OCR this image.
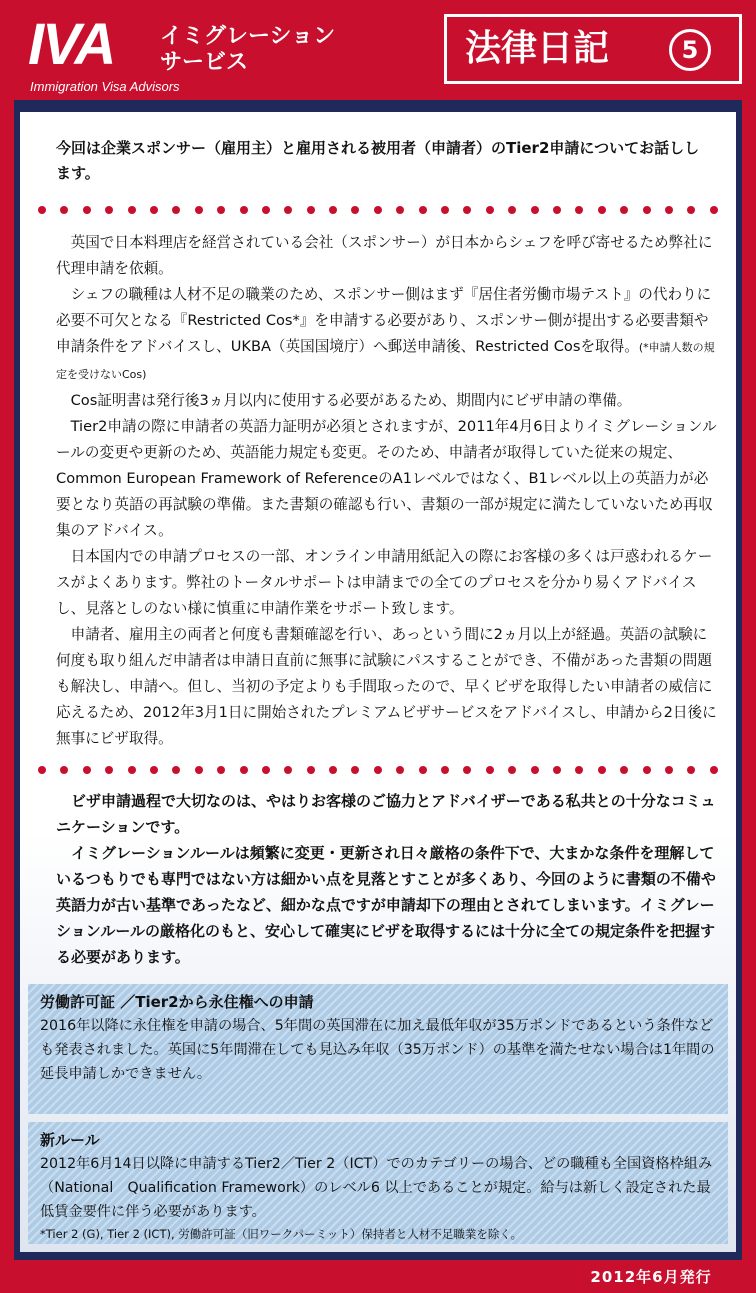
IVA イミグレーション
サービス
Immigration Visa Advisors
法律日記	5
今回は企業スポンサー（雇用主）と雇用される被用者（申請者）のTier2申請についてお話しします。

英国で日本料理店を経営されている会社（スポンサー）が日本からシェフを呼び寄せるため弊社に代理申請を依頼。

シェフの職種は人材不足の職業のため、スポンサー側はまず『居住者労働市場テスト』の代わりに必要不可欠となる『Restricted Cos*』を申請する必要があり、スポンサー側が提出する必要書類や申請条件をアドバイスし、UKBA（英国国境庁）へ郵送申請後、Restricted Cosを取得。(*申請人数の規定を受けないCos)

Cos証明書は発行後3ヵ月以内に使用する必要があるため、期間内にビザ申請の準備。

Tier2申請の際に申請者の英語力証明が必須とされますが、2011年4月6日よりイミグレーションルールの変更や更新のため、英語能力規定も変更。そのため、申請者が取得していた従来の規定、Common European Framework of ReferenceのA1レベルではなく、B1レベル以上の英語力が必要となり英語の再試験の準備。また書類の確認も行い、書類の一部が規定に満たしていないため再収集のアドバイス。

日本国内での申請プロセスの一部、オンライン申請用紙記入の際にお客様の多くは戸惑われるケースがよくあります。弊社のトータルサポートは申請までの全てのプロセスを分かり易くアドバイスし、見落としのない様に慎重に申請作業をサポート致します。

申請者、雇用主の両者と何度も書類確認を行い、あっという間に2ヵ月以上が経過。英語の試験に何度も取り組んだ申請者は申請日直前に無事に試験にパスすることができ、不備があった書類の問題も解決し、申請へ。但し、当初の予定よりも手間取ったので、早くビザを取得したい申請者の威信に応えるため、2012年3月1日に開始されたプレミアムビザサービスをアドバイスし、申請から2日後に無事にビザ取得。

ビザ申請過程で大切なのは、やはりお客様のご協力とアドバイザーである私共との十分なコミュニケーションです。

イミグレーションルールは頻繁に変更・更新され日々厳格の条件下で、大まかな条件を理解しているつもりでも専門ではない方は細かい点を見落とすことが多くあり、今回のように書類の不備や英語力が古い基準であったなど、細かな点ですが申請却下の理由とされてしまいます。イミグレーションルールの厳格化のもと、安心して確実にビザを取得するには十分に全ての規定条件を把握する必要があります。

労働許可証 ／Tier2から永住権への申請

2016年以降に永住権を申請の場合、5年間の英国滞在に加え最低年収が35万ポンドであるという条件なども発表されました。英国に5年間滞在しても見込み年収（35万ポンド）の基準を満たせない場合は1年間の延長申請しかできません。

新ルール

2012年6月14日以降に申請するTier2／Tier 2（ICT）でのカテゴリーの場合、どの職種も全国資格枠組み（National　Qualification Framework）のレベル6 以上であることが規定。給与は新しく設定された最低賃金要件に伴う必要があります。

*Tier 2 (G), Tier 2 (ICT), 労働許可証（旧ワークパーミット）保持者と人材不足職業を除く。

2012年6月発行
